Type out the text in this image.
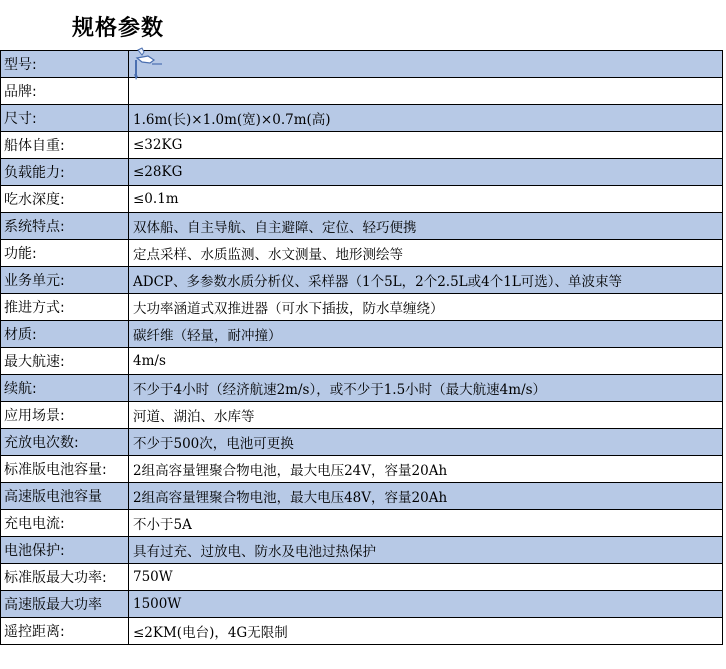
规格参数
型号:	
品牌:	
尺寸:	1.6m(长)×1.0m(宽)×0.7m(高)
船体自重:	≤32KG
负载能力:	≤28KG
吃水深度:	≤0.1m
系统特点:	双体船、自主导航、自主避障、定位、轻巧便携
功能:	定点采样、水质监测、水文测量、地形测绘等
业务单元:	ADCP、多参数水质分析仪、采样器（1个5L，2个2.5L或4个1L可选）、单波束等
推进方式:	大功率涵道式双推进器（可水下插拔，防水草缠绕）
材质:	碳纤维（轻量，耐冲撞）
最大航速:	4m/s
续航:	不少于4小时（经济航速2m/s），或不少于1.5小时（最大航速4m/s）
应用场景:	河道、湖泊、水库等
充放电次数:	不少于500次，电池可更换
标准版电池容量:	2组高容量锂聚合物电池，最大电压24V，容量20Ah
高速版电池容量	2组高容量锂聚合物电池，最大电压48V，容量20Ah
充电电流:	不小于5A
电池保护:	具有过充、过放电、防水及电池过热保护
标准版最大功率:	750W
高速版最大功率	1500W
遥控距离:	≤2KM(电台)，4G无限制
